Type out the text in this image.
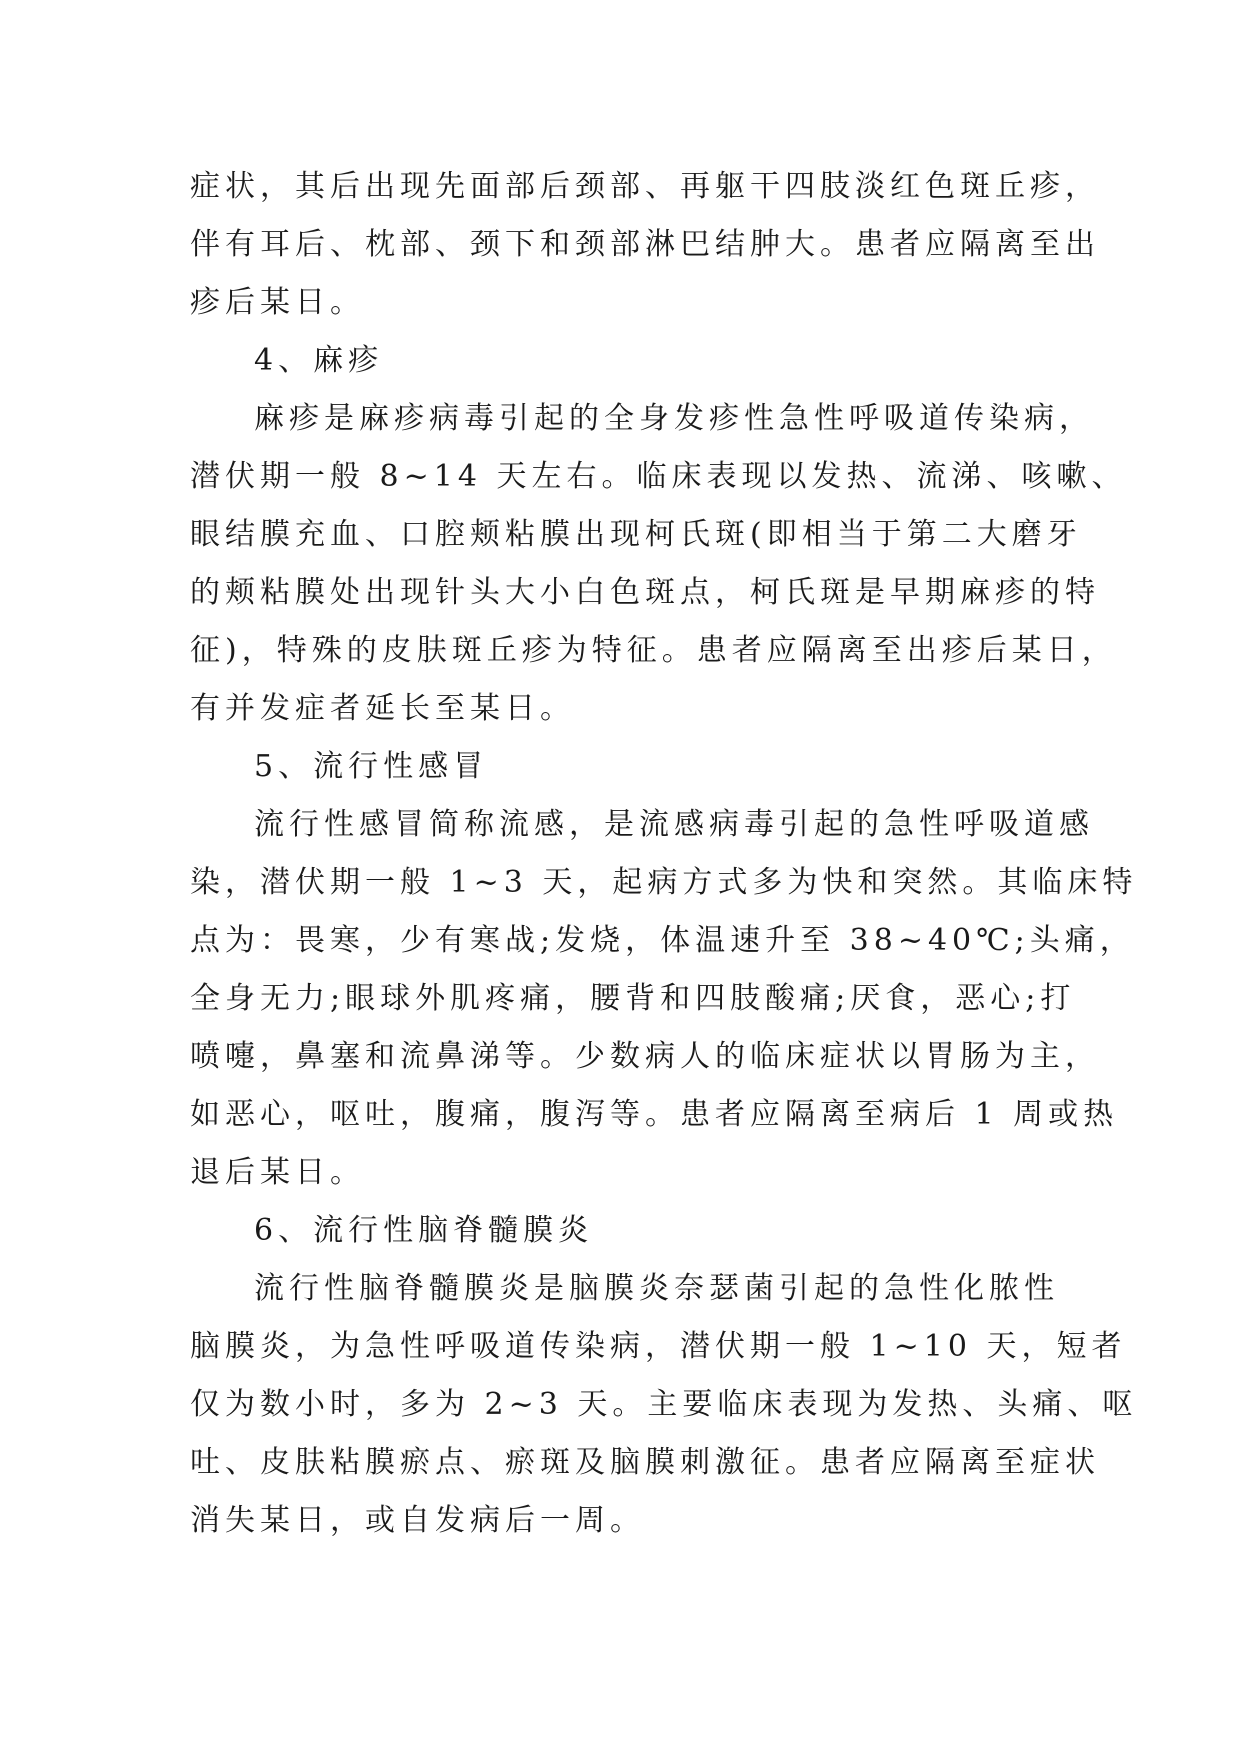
症状，其后出现先面部后颈部、再躯干四肢淡红色斑丘疹，
伴有耳后、枕部、颈下和颈部淋巴结肿大。患者应隔离至出
疹后某日。
4、麻疹
麻疹是麻疹病毒引起的全身发疹性急性呼吸道传染病，
潜伏期一般 8~14 天左右。临床表现以发热、流涕、咳嗽、
眼结膜充血、口腔颊粘膜出现柯氏斑(即相当于第二大磨牙
的颊粘膜处出现针头大小白色斑点，柯氏斑是早期麻疹的特
征)，特殊的皮肤斑丘疹为特征。患者应隔离至出疹后某日，
有并发症者延长至某日。
5、流行性感冒
流行性感冒简称流感，是流感病毒引起的急性呼吸道感
染，潜伏期一般 1~3 天，起病方式多为快和突然。其临床特
点为：畏寒，少有寒战;发烧，体温速升至 38~40℃;头痛，
全身无力;眼球外肌疼痛，腰背和四肢酸痛;厌食，恶心;打
喷嚏，鼻塞和流鼻涕等。少数病人的临床症状以胃肠为主，
如恶心，呕吐，腹痛，腹泻等。患者应隔离至病后 1 周或热
退后某日。
6、流行性脑脊髓膜炎
流行性脑脊髓膜炎是脑膜炎奈瑟菌引起的急性化脓性
脑膜炎，为急性呼吸道传染病，潜伏期一般 1~10 天，短者
仅为数小时，多为 2~3 天。主要临床表现为发热、头痛、呕
吐、皮肤粘膜瘀点、瘀斑及脑膜刺激征。患者应隔离至症状
消失某日，或自发病后一周。
